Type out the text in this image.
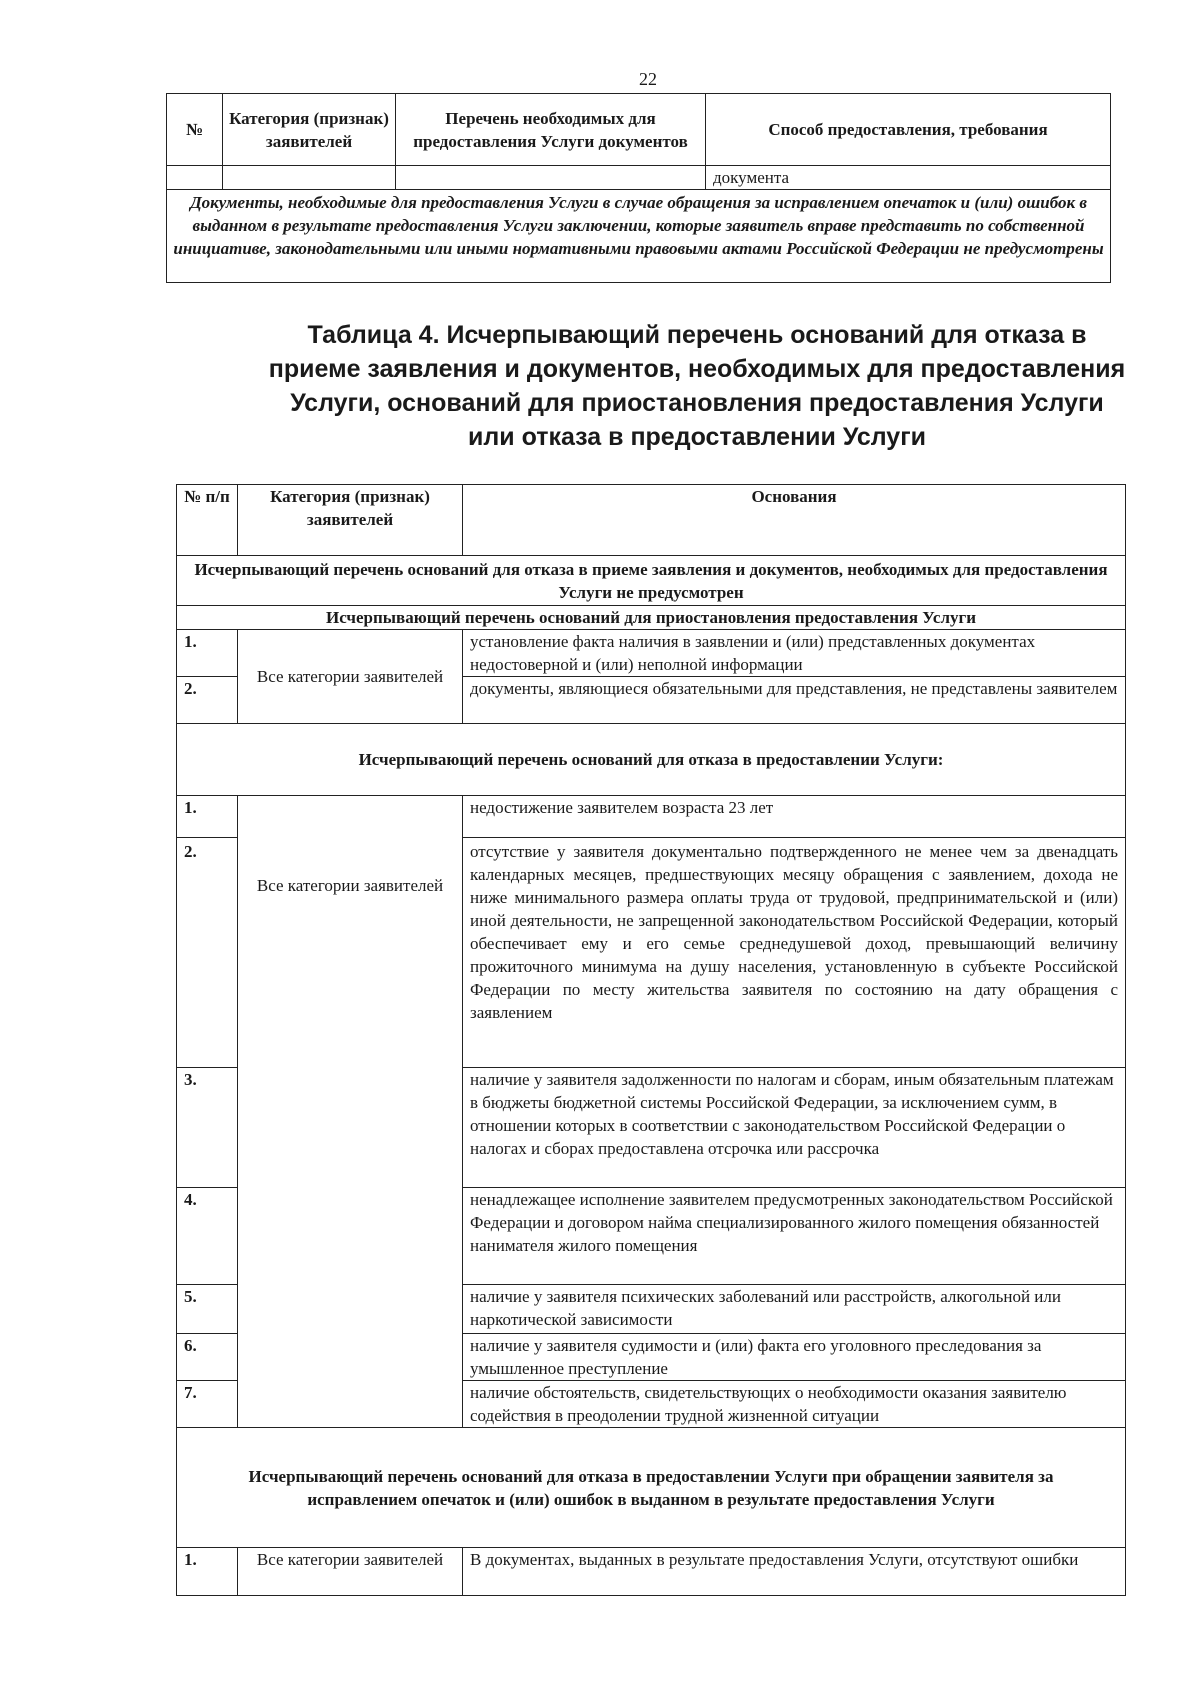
22
№	Категория (признак) заявителей	Перечень необходимых для предоставления Услуги документов	Способ предоставления, требования
			документа
Документы, необходимые для предоставления Услуги в случае обращения за исправлением опечаток и (или) ошибок в выданном в результате предоставления Услуги заключении, которые заявитель вправе представить по собственной инициативе, законодательными или иными нормативными правовыми актами Российской Федерации не предусмотрены			
Таблица 4. Исчерпывающий перечень оснований для отказа в приеме заявления и документов, необходимых для предоставления Услуги, оснований для приостановления предоставления Услуги или отказа в предоставлении Услуги
№ п/п	Категория (признак) заявителей	Основания
Исчерпывающий перечень оснований для отказа в приеме заявления и документов, необходимых для предоставления Услуги не предусмотрен		
Исчерпывающий перечень оснований для приостановления предоставления Услуги		
1.	Все категории заявителей	установление факта наличия в заявлении и (или) представленных документах недостоверной и (или) неполной информации
2.		документы, являющиеся обязательными для представления, не представлены заявителем
Исчерпывающий перечень оснований для отказа в предоставлении Услуги:		
1.	Все категории заявителей	недостижение заявителем возраста 23 лет
2.		отсутствие у заявителя документально подтвержденного не менее чем за двенадцать календарных месяцев, предшествующих месяцу обращения с заявлением, дохода не ниже минимального размера оплаты труда от трудовой, предпринимательской и (или) иной деятельности, не запрещенной законодательством Российской Федерации, который обеспечивает ему и его семье среднедушевой доход, превышающий величину прожиточного минимума на душу населения, установленную в субъекте Российской Федерации по месту жительства заявителя по состоянию на дату обращения с заявлением
3.		наличие у заявителя задолженности по налогам и сборам, иным обязательным платежам в бюджеты бюджетной системы Российской Федерации, за исключением сумм, в отношении которых в соответствии с законодательством Российской Федерации о налогах и сборах предоставлена отсрочка или рассрочка
4.		ненадлежащее исполнение заявителем предусмотренных законодательством Российской Федерации и договором найма специализированного жилого помещения обязанностей нанимателя жилого помещения
5.		наличие у заявителя психических заболеваний или расстройств, алкогольной или наркотической зависимости
6.		наличие у заявителя судимости и (или) факта его уголовного преследования за умышленное преступление
7.		наличие обстоятельств, свидетельствующих о необходимости оказания заявителю содействия в преодолении трудной жизненной ситуации
Исчерпывающий перечень оснований для отказа в предоставлении Услуги при обращении заявителя за исправлением опечаток и (или) ошибок в выданном в результате предоставления Услуги		
1.	Все категории заявителей	В документах, выданных в результате предоставления Услуги, отсутствуют ошибки
